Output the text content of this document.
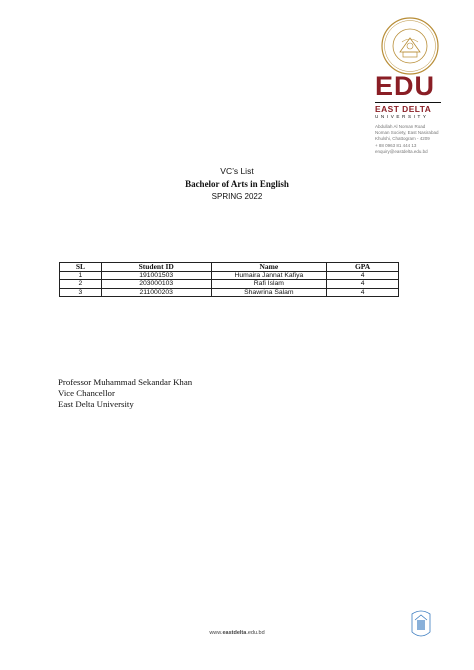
EDU
EAST DELTA
UNIVERSITY
Abdullah Al Noman Road
Noman Society, East Nasirabad
Khulshi, Chattogram - 4209
+ 88 0963 81 444 13
enquiry@eastdelta.edu.bd
VC’s List
Bachelor of Arts in English
SPRING 2022
SL	Student ID	Name	GPA
1	191001503	Humaira Jannat Kafiya	4
2	203000103	Rafi Islam	4
3	211000203	Shawrina Salam	4
Professor Muhammad Sekandar Khan
Vice Chancellor
East Delta University
www.eastdelta.edu.bd
